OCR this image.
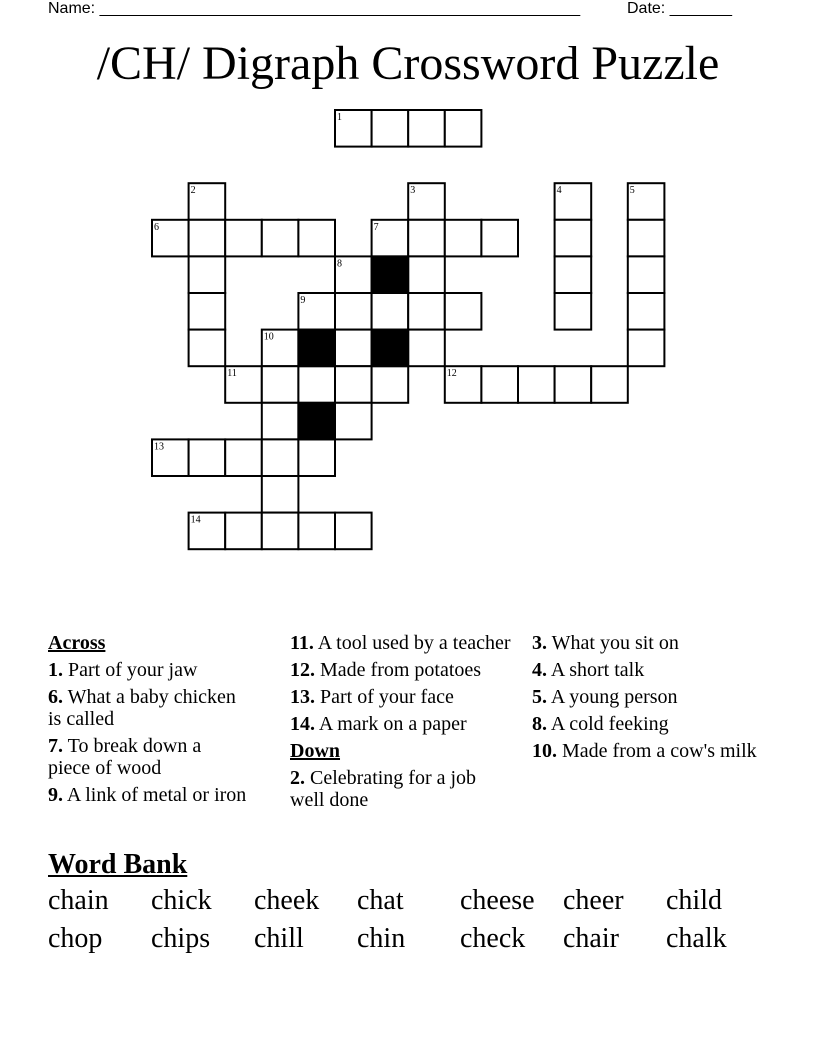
Name: ______________________________________________________	Date: _______
/CH/ Digraph Crossword Puzzle
1
2	3	4	5
6	7
8
9
10
11	12
13
14
Across
1. Part of your jaw
6. What a baby chicken is called
7. To break down a piece of wood
9. A link of metal or iron
11. A tool used by a teacher
12. Made from potatoes
13. Part of your face
14. A mark on a paper
Down
2. Celebrating for a job well done
3. What you sit on
4. A short talk
5. A young person
8. A cold feeking
10. Made from a cow's milk
Word Bank
chain chick cheek chat cheese cheer child
chop chips chill chin check chair chalk
